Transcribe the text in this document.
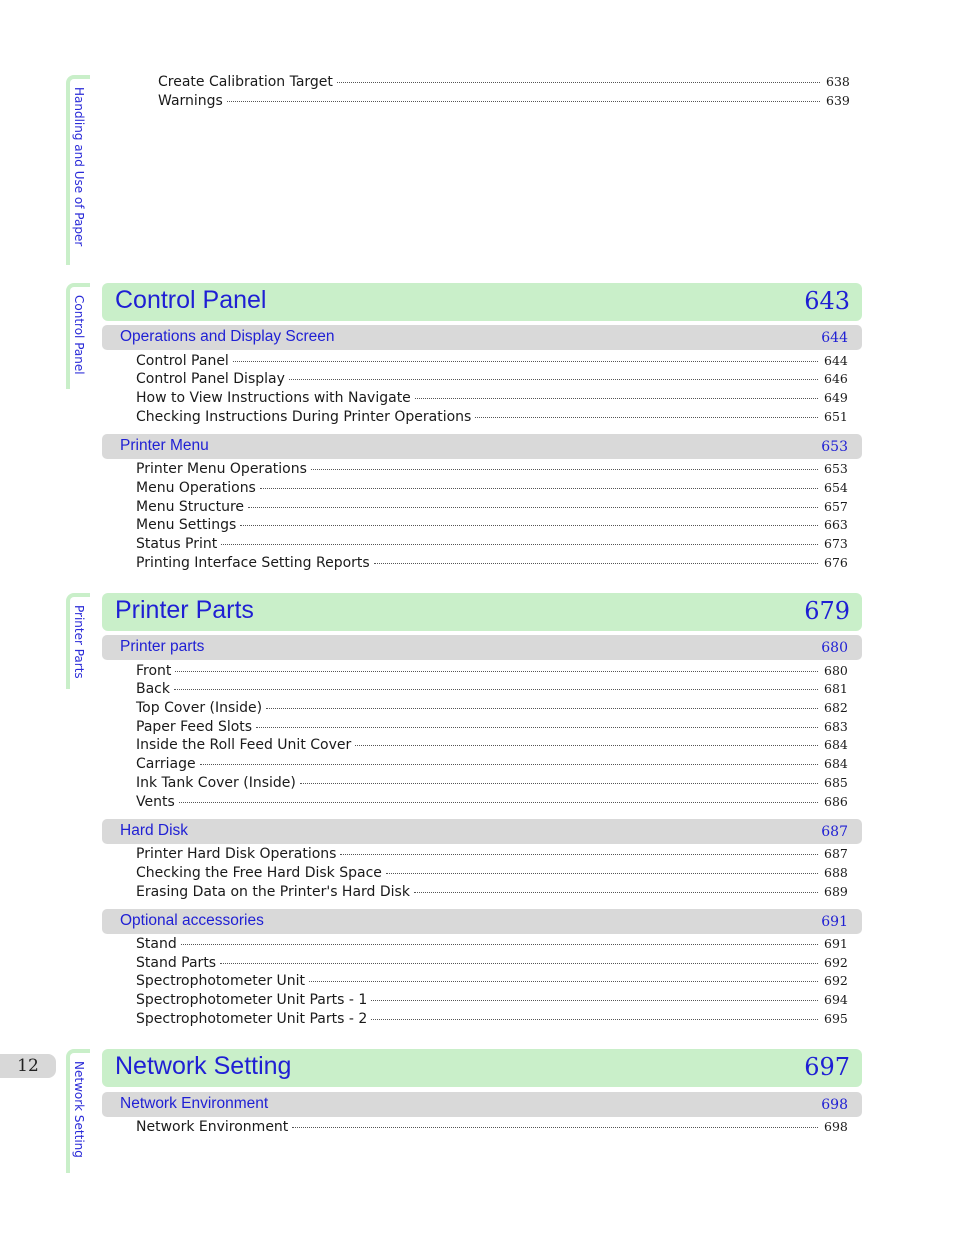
Handling and Use of Paper
Control Panel
Printer Parts
Network Setting
12
Create Calibration Target	638
Warnings	639
Control Panel	643
Operations and Display Screen	644
Control Panel	644
Control Panel Display	646
How to View Instructions with Navigate	649
Checking Instructions During Printer Operations	651
Printer Menu	653
Printer Menu Operations	653
Menu Operations	654
Menu Structure	657
Menu Settings	663
Status Print	673
Printing Interface Setting Reports	676
Printer Parts	679
Printer parts	680
Front	680
Back	681
Top Cover (Inside)	682
Paper Feed Slots	683
Inside the Roll Feed Unit Cover	684
Carriage	684
Ink Tank Cover (Inside)	685
Vents	686
Hard Disk	687
Printer Hard Disk Operations	687
Checking the Free Hard Disk Space	688
Erasing Data on the Printer's Hard Disk	689
Optional accessories	691
Stand	691
Stand Parts	692
Spectrophotometer Unit	692
Spectrophotometer Unit Parts - 1	694
Spectrophotometer Unit Parts - 2	695
Network Setting	697
Network Environment	698
Network Environment	698
